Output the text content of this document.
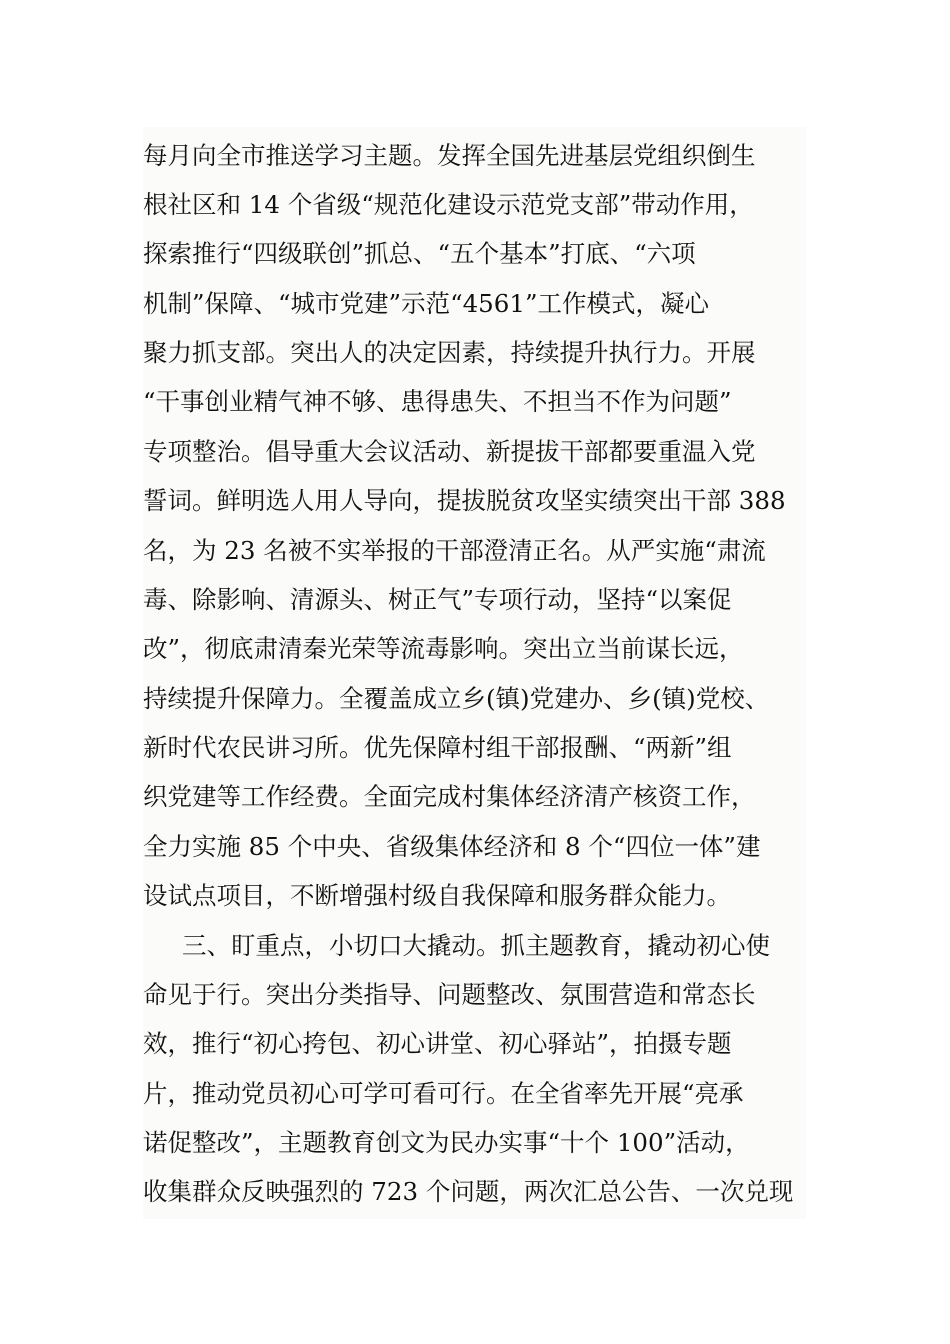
每月向全市推送学习主题。发挥全国先进基层党组织倒生
根社区和 14 个省级“规范化建设示范党支部”带动作用，
探索推行“四级联创”抓总、“五个基本”打底、“六项
机制”保障、“城市党建”示范“4561”工作模式，凝心
聚力抓支部。突出人的决定因素，持续提升执行力。开展
“干事创业精气神不够、患得患失、不担当不作为问题”
专项整治。倡导重大会议活动、新提拔干部都要重温入党
誓词。鲜明选人用人导向，提拔脱贫攻坚实绩突出干部 388
名，为 23 名被不实举报的干部澄清正名。从严实施“肃流
毒、除影响、清源头、树正气”专项行动，坚持“以案促
改”，彻底肃清秦光荣等流毒影响。突出立当前谋长远，
持续提升保障力。全覆盖成立乡(镇)党建办、乡(镇)党校、
新时代农民讲习所。优先保障村组干部报酬、“两新”组
织党建等工作经费。全面完成村集体经济清产核资工作，
全力实施 85 个中央、省级集体经济和 8 个“四位一体”建
设试点项目，不断增强村级自我保障和服务群众能力。
三、盯重点，小切口大撬动。抓主题教育，撬动初心使
命见于行。突出分类指导、问题整改、氛围营造和常态长
效，推行“初心挎包、初心讲堂、初心驿站”，拍摄专题
片，推动党员初心可学可看可行。在全省率先开展“亮承
诺促整改”，主题教育创文为民办实事“十个 100”活动，
收集群众反映强烈的 723 个问题，两次汇总公告、一次兑现
